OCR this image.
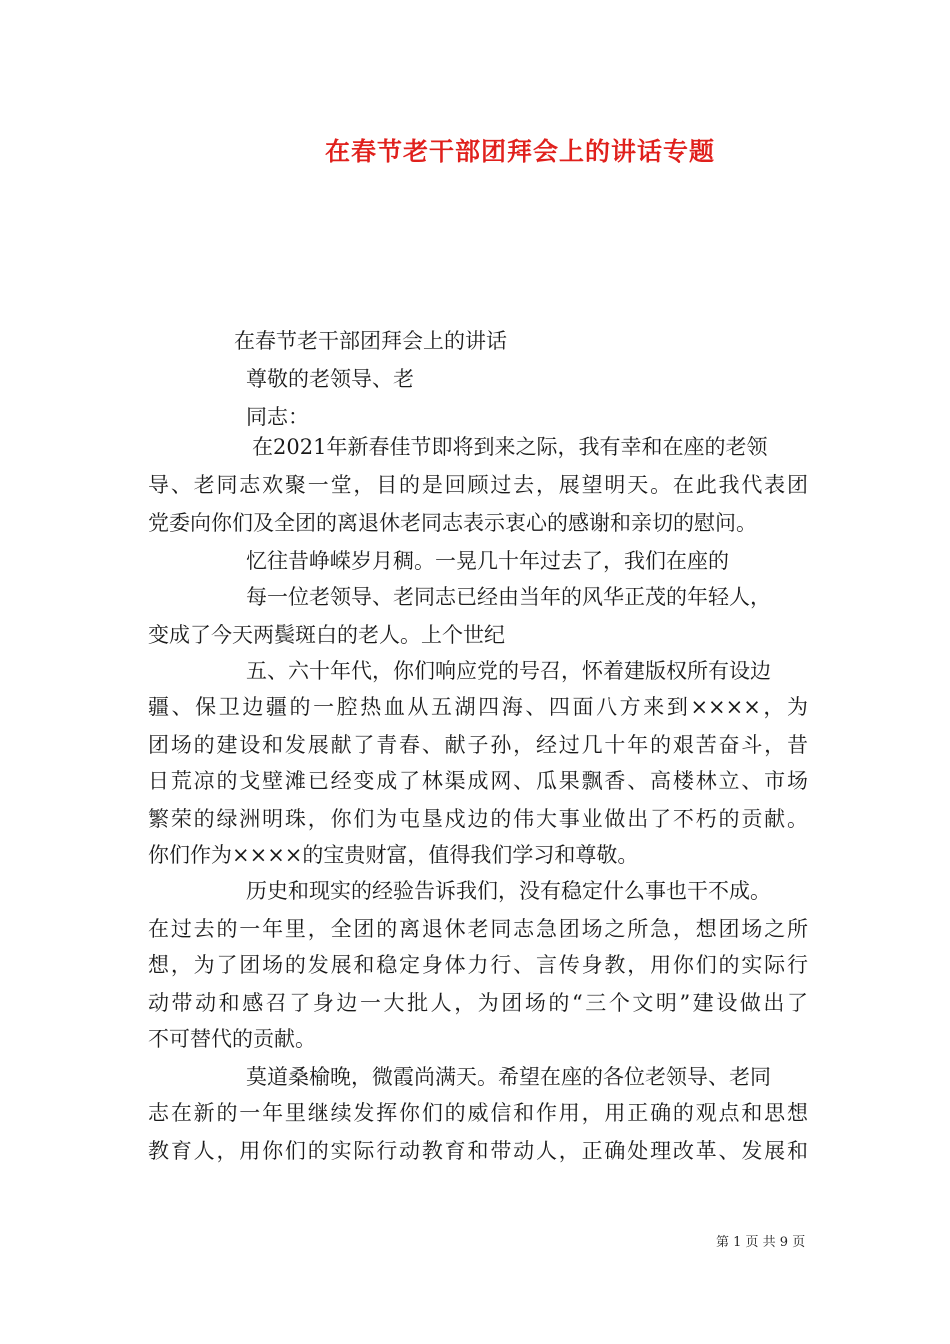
在春节老干部团拜会上的讲话专题
在春节老干部团拜会上的讲话
尊敬的老领导、老
同志：
在2021年新春佳节即将到来之际，我有幸和在座的老领
导、老同志欢聚一堂，目的是回顾过去，展望明天。在此我代表团
党委向你们及全团的离退休老同志表示衷心的感谢和亲切的慰问。
忆往昔峥嵘岁月稠。一晃几十年过去了，我们在座的
每一位老领导、老同志已经由当年的风华正茂的年轻人，
变成了今天两鬓斑白的老人。上个世纪
五、六十年代，你们响应党的号召，怀着建版权所有设边
疆、保卫边疆的一腔热血从五湖四海、四面八方来到××××，为
团场的建设和发展献了青春、献子孙，经过几十年的艰苦奋斗，昔
日荒凉的戈壁滩已经变成了林渠成网、瓜果飘香、高楼林立、市场
繁荣的绿洲明珠，你们为屯垦戍边的伟大事业做出了不朽的贡献。
你们作为××××的宝贵财富，值得我们学习和尊敬。
历史和现实的经验告诉我们，没有稳定什么事也干不成。
在过去的一年里，全团的离退休老同志急团场之所急，想团场之所
想，为了团场的发展和稳定身体力行、言传身教，用你们的实际行
动带动和感召了身边一大批人，为团场的“三个文明”建设做出了
不可替代的贡献。
莫道桑榆晚，微霞尚满天。希望在座的各位老领导、老同
志在新的一年里继续发挥你们的威信和作用，用正确的观点和思想
教育人，用你们的实际行动教育和带动人，正确处理改革、发展和
第 1 页 共 9 页
